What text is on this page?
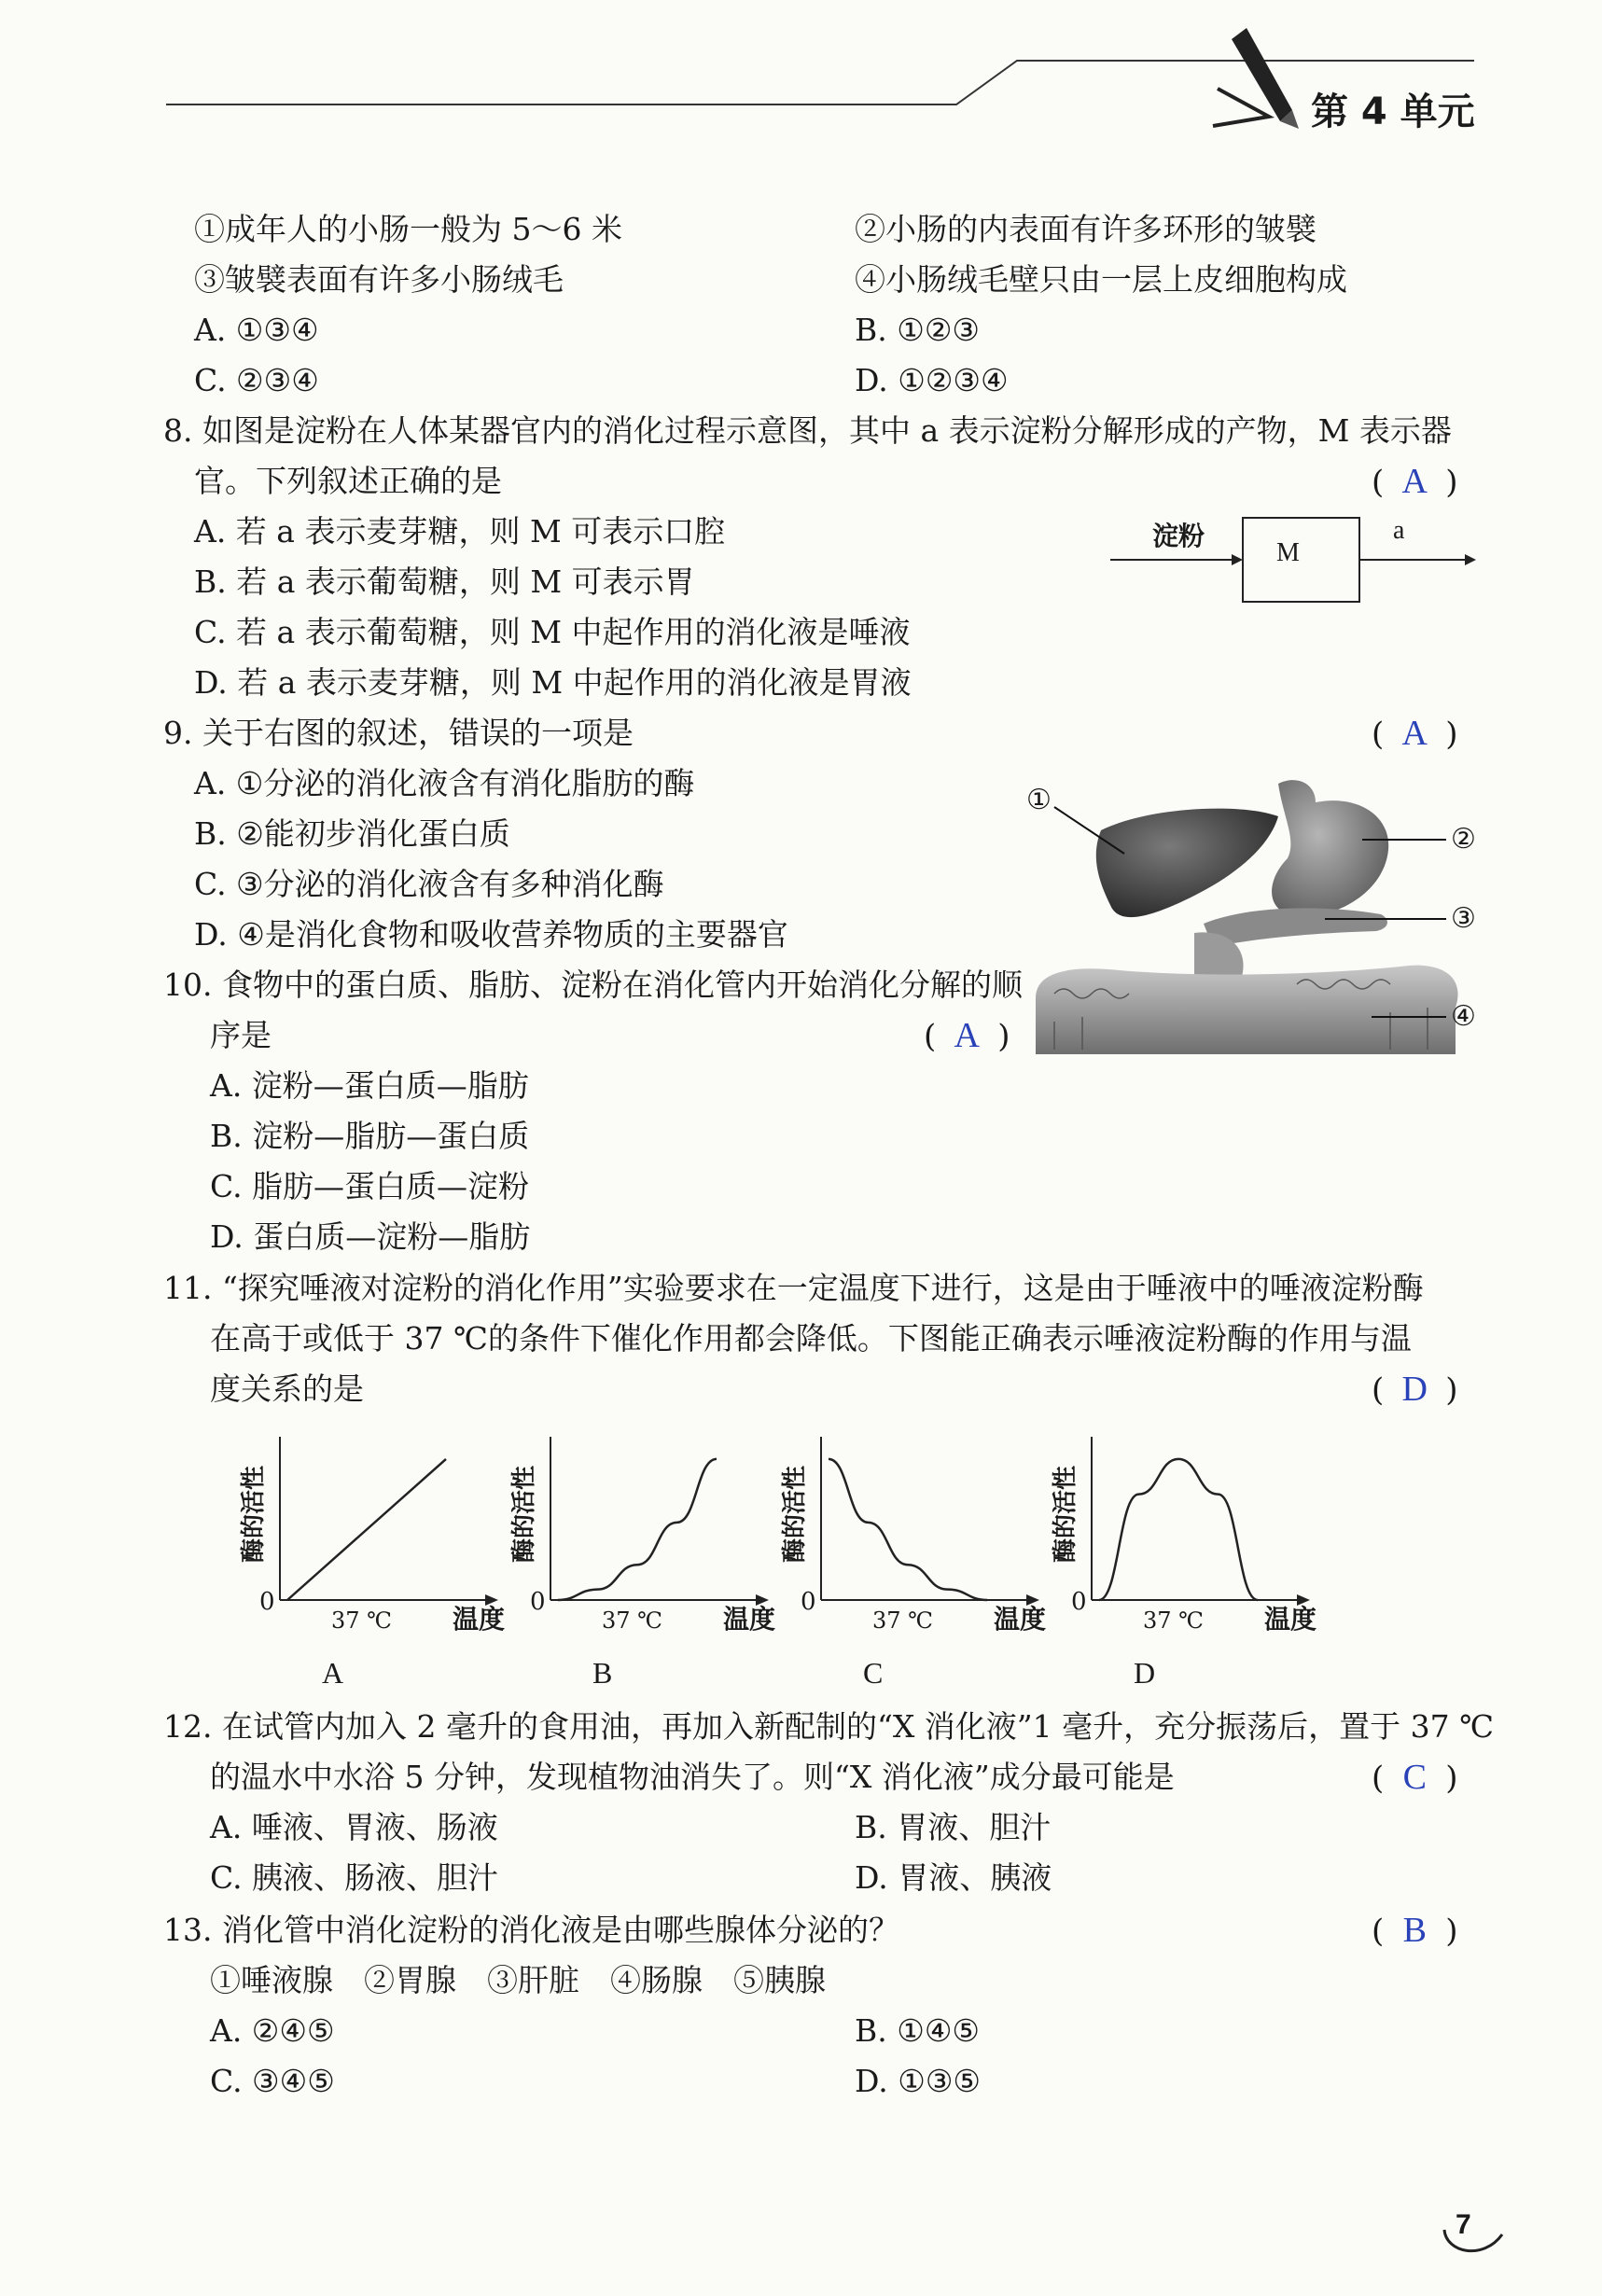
第 4 单元
①成年人的小肠一般为 5～6 米	②小肠的内表面有许多环形的皱襞
③皱襞表面有许多小肠绒毛	④小肠绒毛壁只由一层上皮细胞构成
A. ①③④	B. ①②③
C. ②③④	D. ①②③④
8. 如图是淀粉在人体某器官内的消化过程示意图，其中 a 表示淀粉分解形成的产物，M 表示器
官。下列叙述正确的是	( A )
A. 若 a 表示麦芽糖，则 M 可表示口腔
B. 若 a 表示葡萄糖，则 M 可表示胃
C. 若 a 表示葡萄糖，则 M 中起作用的消化液是唾液
D. 若 a 表示麦芽糖，则 M 中起作用的消化液是胃液
淀粉
M
a
9. 关于右图的叙述，错误的一项是	( A )
A. ①分泌的消化液含有消化脂肪的酶
B. ②能初步消化蛋白质
C. ③分泌的消化液含有多种消化酶
D. ④是消化食物和吸收营养物质的主要器官
①
②
③
④
10. 食物中的蛋白质、脂肪、淀粉在消化管内开始消化分解的顺
序是	( A )
A. 淀粉—蛋白质—脂肪
B. 淀粉—脂肪—蛋白质
C. 脂肪—蛋白质—淀粉
D. 蛋白质—淀粉—脂肪
11. “探究唾液对淀粉的消化作用”实验要求在一定温度下进行，这是由于唾液中的唾液淀粉酶
在高于或低于 37 ℃的条件下催化作用都会降低。下图能正确表示唾液淀粉酶的作用与温
度关系的是	( D )
0
37 ℃ 温度
酶的活性
A
0
37 ℃ 温度
酶的活性
B
0
37 ℃ 温度
酶的活性
C
0
37 ℃ 温度
酶的活性
D
12. 在试管内加入 2 毫升的食用油，再加入新配制的“X 消化液”1 毫升，充分振荡后，置于 37 ℃
的温水中水浴 5 分钟，发现植物油消失了。则“X 消化液”成分最可能是	( C )
A. 唾液、胃液、肠液	B. 胃液、胆汁
C. 胰液、肠液、胆汁	D. 胃液、胰液
13. 消化管中消化淀粉的消化液是由哪些腺体分泌的？	( B )
①唾液腺　②胃腺　③肝脏　④肠腺　⑤胰腺
A. ②④⑤	B. ①④⑤
C. ③④⑤	D. ①③⑤
7
